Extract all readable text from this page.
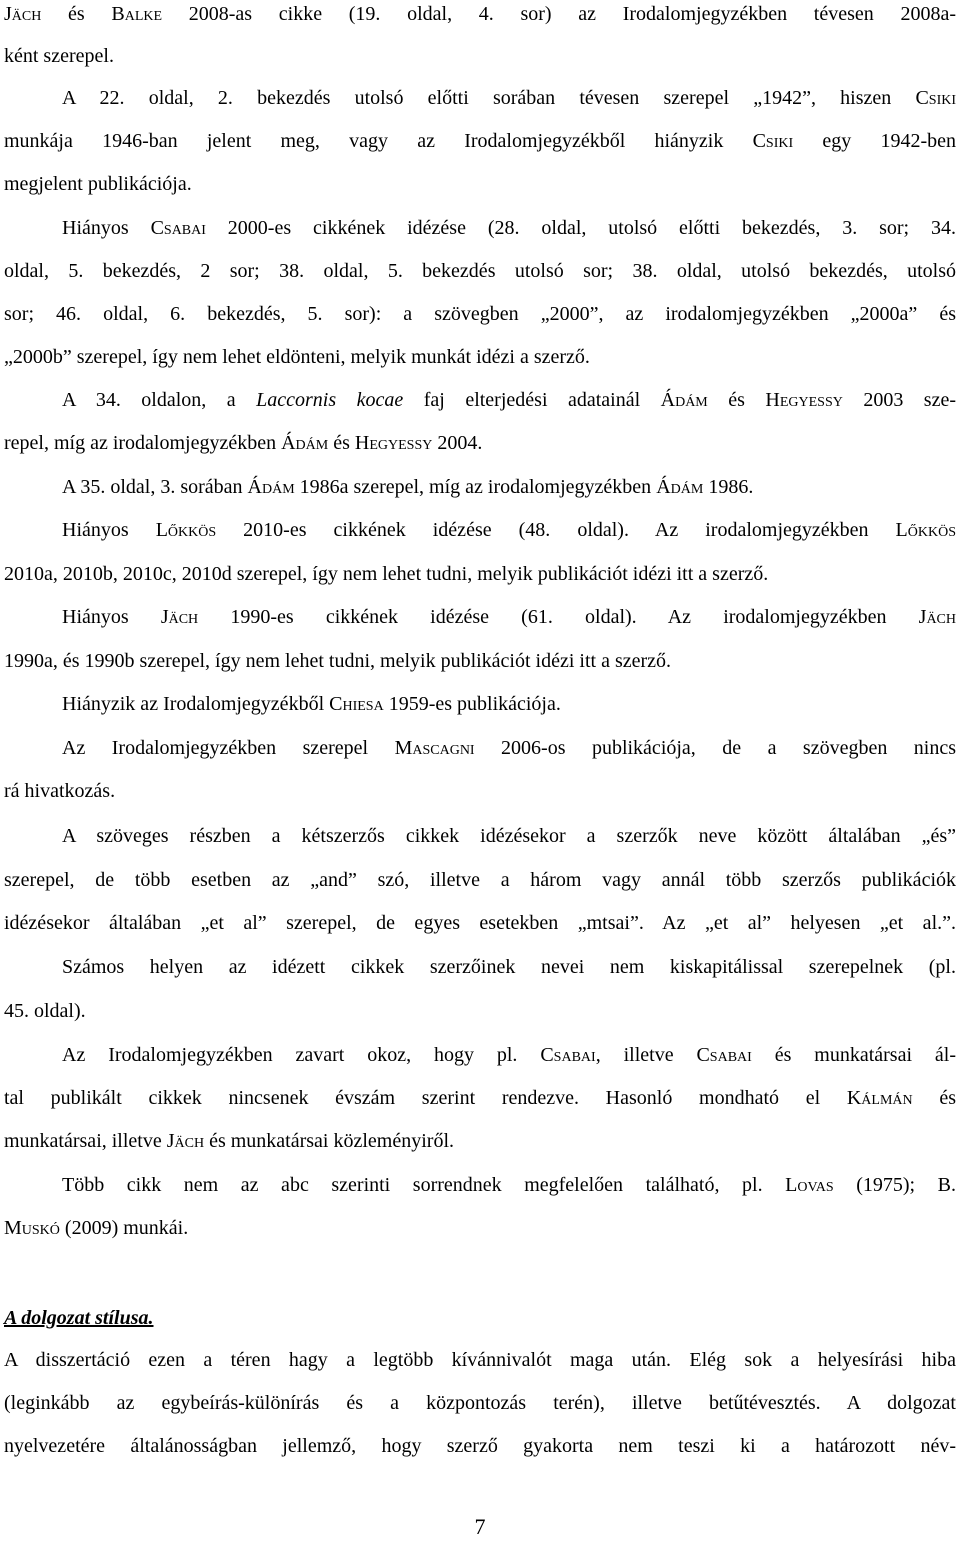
Jäch és Balke 2008-as cikke (19. oldal, 4. sor) az Irodalomjegyzékben tévesen 2008a-
ként szerepel.
A 22. oldal, 2. bekezdés utolsó előtti sorában tévesen szerepel „1942”, hiszen Csiki
munkája 1946-ban jelent meg, vagy az Irodalomjegyzékből hiányzik Csiki egy 1942-ben
megjelent publikációja.
Hiányos Csabai 2000-es cikkének idézése (28. oldal, utolsó előtti bekezdés, 3. sor; 34.
oldal, 5. bekezdés, 2 sor; 38. oldal, 5. bekezdés utolsó sor; 38. oldal, utolsó bekezdés, utolsó
sor; 46. oldal, 6. bekezdés, 5. sor): a szövegben „2000”, az irodalomjegyzékben „2000a” és
„2000b” szerepel, így nem lehet eldönteni, melyik munkát idézi a szerző.
A 34. oldalon, a Laccornis kocae faj elterjedési adatainál Ádám és Hegyessy 2003 sze-
repel, míg az irodalomjegyzékben Ádám és Hegyessy 2004.
A 35. oldal, 3. sorában Ádám 1986a szerepel, míg az irodalomjegyzékben Ádám 1986.
Hiányos Lőkkös 2010-es cikkének idézése (48. oldal). Az irodalomjegyzékben Lőkkös
2010a, 2010b, 2010c, 2010d szerepel, így nem lehet tudni, melyik publikációt idézi itt a szerző.
Hiányos Jäch 1990-es cikkének idézése (61. oldal). Az irodalomjegyzékben Jäch
1990a, és 1990b szerepel, így nem lehet tudni, melyik publikációt idézi itt a szerző.
Hiányzik az Irodalomjegyzékből Chiesa 1959-es publikációja.
Az Irodalomjegyzékben szerepel Mascagni 2006-os publikációja, de a szövegben nincs
rá hivatkozás.
A szöveges részben a kétszerzős cikkek idézésekor a szerzők neve között általában „és”
szerepel, de több esetben az „and” szó, illetve a három vagy annál több szerzős publikációk
idézésekor általában „et al” szerepel, de egyes esetekben „mtsai”. Az „et al” helyesen „et al.”.
Számos helyen az idézett cikkek szerzőinek nevei nem kiskapitálissal szerepelnek (pl.
45. oldal).
Az Irodalomjegyzékben zavart okoz, hogy pl. Csabai, illetve Csabai és munkatársai ál-
tal publikált cikkek nincsenek évszám szerint rendezve. Hasonló mondható el Kálmán és
munkatársai, illetve Jäch és munkatársai közleményiről.
Több cikk nem az abc szerinti sorrendnek megfelelően található, pl. Lovas (1975); B.
Muskó (2009) munkái.
A dolgozat stílusa.
A disszertáció ezen a téren hagy a legtöbb kívánnivalót maga után. Elég sok a helyesírási hiba
(leginkább az egybeírás-különírás és a központozás terén), illetve betűtévesztés. A dolgozat
nyelvezetére általánosságban jellemző, hogy szerző gyakorta nem teszi ki a határozott név-
7
